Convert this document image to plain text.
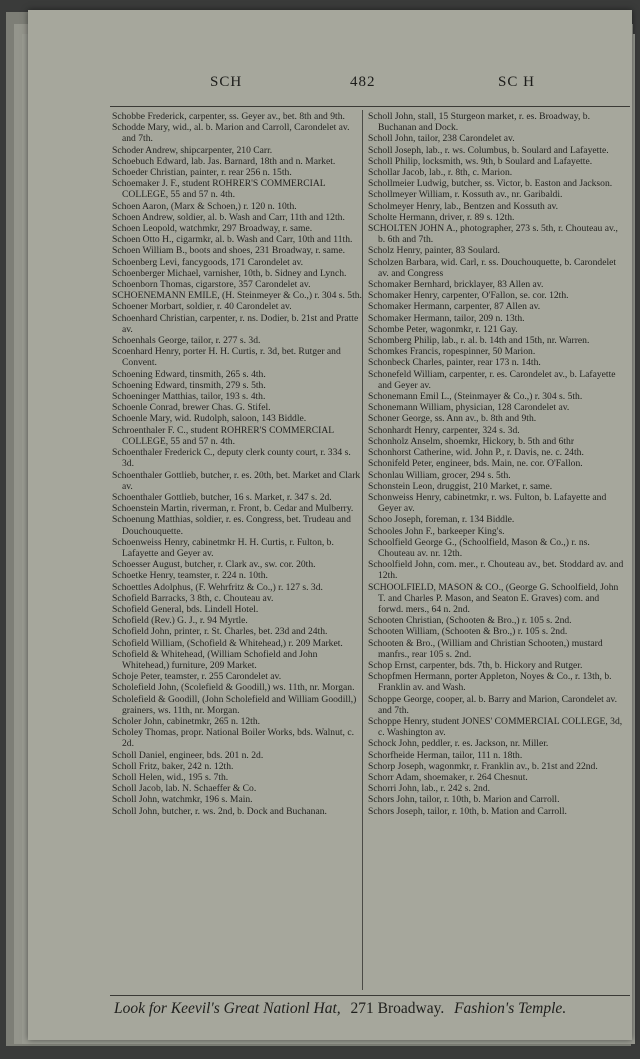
SCH	482	SC H

Schobbe Frederick, carpenter, ss. Geyer av., bet. 8th and 9th.

Schodde Mary, wid., al. b. Marion and Carroll, Carondelet av. and 7th.

Schoder Andrew, shipcarpenter, 210 Carr.

Schoebuch Edward, lab. Jas. Barnard, 18th and n. Market.

Schoeder Christian, painter, r. rear 256 n. 15th.

Schoemaker J. F., student ROHRER'S COMMERCIAL COLLEGE, 55 and 57 n. 4th.

Schoen Aaron, (Marx & Schoen,) r. 120 n. 10th.

Schoen Andrew, soldier, al. b. Wash and Carr, 11th and 12th.

Schoen Leopold, watchmkr, 297 Broadway, r. same.

Schoen Otto H., cigarmkr, al. b. Wash and Carr, 10th and 11th.

Schoen William B., boots and shoes, 231 Broadway, r. same.

Schoenberg Levi, fancygoods, 171 Carondelet av.

Schoenberger Michael, varnisher, 10th, b. Sidney and Lynch.

Schoenborn Thomas, cigarstore, 357 Carondelet av.

SCHOENEMANN EMILE, (H. Steinmeyer & Co.,) r. 304 s. 5th.

Schoener Morbart, soldier, r. 40 Carondelet av.

Schoenhard Christian, carpenter, r. ns. Dodier, b. 21st and Pratte av.

Schoenhals George, tailor, r. 277 s. 3d.

Scoenhard Henry, porter H. H. Curtis, r. 3d, bet. Rutger and Convent.

Schoening Edward, tinsmith, 265 s. 4th.

Schoening Edward, tinsmith, 279 s. 5th.

Schoeninger Matthias, tailor, 193 s. 4th.

Schoenle Conrad, brewer Chas. G. Stifel.

Schoenle Mary, wid. Rudolph, saloon, 143 Biddle.

Schroenthaler F. C., student ROHRER'S COMMERCIAL COLLEGE, 55 and 57 n. 4th.

Schoenthaler Frederick C., deputy clerk county court, r. 334 s. 3d.

Schoenthaler Gottlieb, butcher, r. es. 20th, bet. Market and Clark av.

Schoenthaler Gottlieb, butcher, 16 s. Market, r. 347 s. 2d.

Schoenstein Martin, riverman, r. Front, b. Cedar and Mulberry.

Schoenung Matthias, soldier, r. es. Congress, bet. Trudeau and Douchouquette.

Schoenweiss Henry, cabinetmkr H. H. Curtis, r. Fulton, b. Lafayette and Geyer av.

Schoesser August, butcher, r. Clark av., sw. cor. 20th.

Schoetke Henry, teamster, r. 224 n. 10th.

Schoettles Adolphus, (F. Wehrfritz & Co.,) r. 127 s. 3d.

Schofield Barracks, 3 8th, c. Chouteau av.

Schofield General, bds. Lindell Hotel.

Schofield (Rev.) G. J., r. 94 Myrtle.

Schofield John, printer, r. St. Charles, bet. 23d and 24th.

Schofield William, (Schofield & Whitehead,) r. 209 Market.

Schofield & Whitehead, (William Schofield and John Whitehead,) furniture, 209 Market.

Schoje Peter, teamster, r. 255 Carondelet av.

Scholefield John, (Scolefield & Goodill,) ws. 11th, nr. Morgan.

Scholefield & Goodill, (John Scholefield and William Goodill,) grainers, ws. 11th, nr. Morgan.

Scholer John, cabinetmkr, 265 n. 12th.

Scholey Thomas, propr. National Boiler Works, bds. Walnut, c. 2d.

Scholl Daniel, engineer, bds. 201 n. 2d.

Scholl Fritz, baker, 242 n. 12th.

Scholl Helen, wid., 195 s. 7th.

Scholl Jacob, lab. N. Schaeffer & Co.

Scholl John, watchmkr, 196 s. Main.

Scholl John, butcher, r. ws. 2nd, b. Dock and Buchanan.

Scholl John, stall, 15 Sturgeon market, r. es. Broadway, b. Buchanan and Dock.

Scholl John, tailor, 238 Carondelet av.

Scholl Joseph, lab., r. ws. Columbus, b. Soulard and Lafayette.

Scholl Philip, locksmith, ws. 9th, b Soulard and Lafayette.

Schollar Jacob, lab., r. 8th, c. Marion.

Schollmeier Ludwig, butcher, ss. Victor, b. Easton and Jackson.

Schollmeyer William, r. Kossuth av., nr. Garibaldi.

Scholmeyer Henry, lab., Bentzen and Kossuth av.

Scholte Hermann, driver, r. 89 s. 12th.

SCHOLTEN JOHN A., photographer, 273 s. 5th, r. Chouteau av., b. 6th and 7th.

Scholz Henry, painter, 83 Soulard.

Scholzen Barbara, wid. Carl, r. ss. Douchouquette, b. Carondelet av. and Congress

Schomaker Bernhard, bricklayer, 83 Allen av.

Schomaker Henry, carpenter, O'Fallon, se. cor. 12th.

Schomaker Hermann, carpenter, 87 Allen av.

Schomaker Hermann, tailor, 209 n. 13th.

Schombe Peter, wagonmkr, r. 121 Gay.

Schomberg Philip, lab., r. al. b. 14th and 15th, nr. Warren.

Schomkes Francis, ropespinner, 50 Marion.

Schonbeck Charles, painter, rear 173 n. 14th.

Schonefeld William, carpenter, r. es. Carondelet av., b. Lafayette and Geyer av.

Schonemann Emil L., (Steinmayer & Co.,) r. 304 s. 5th.

Schonemann William, physician, 128 Carondelet av.

Schoner George, ss. Ann av., b. 8th and 9th.

Schonhardt Henry, carpenter, 324 s. 3d.

Schonholz Anselm, shoemkr, Hickory, b. 5th and 6thr

Schonhorst Catherine, wid. John P., r. Davis, ne. c. 24th.

Schonifeld Peter, engineer, bds. Main, ne. cor. O'Fallon.

Schonlau William, grocer, 294 s. 5th.

Schonstein Leon, druggist, 210 Market, r. same.

Schonweiss Henry, cabinetmkr, r. ws. Fulton, b. Lafayette and Geyer av.

Schoo Joseph, foreman, r. 134 Biddle.

Schooles John F., barkeeper King's.

Schoolfield George G., (Schoolfield, Mason & Co.,) r. ns. Chouteau av. nr. 12th.

Schoolfield John, com. mer., r. Chouteau av., bet. Stoddard av. and 12th.

SCHOOLFIELD, MASON & CO., (George G. Schoolfield, John T. and Charles P. Mason, and Seaton E. Graves) com. and forwd. mers., 64 n. 2nd.

Schooten Christian, (Schooten & Bro.,) r. 105 s. 2nd.

Schooten William, (Schooten & Bro.,) r. 105 s. 2nd.

Schooten & Bro., (William and Christian Schooten,) mustard manfrs., rear 105 s. 2nd.

Schop Ernst, carpenter, bds. 7th, b. Hickory and Rutger.

Schopfmen Hermann, porter Appleton, Noyes & Co., r. 13th, b. Franklin av. and Wash.

Schoppe George, cooper, al. b. Barry and Marion, Carondelet av. and 7th.

Schoppe Henry, student JONES' COMMERCIAL COLLEGE, 3d, c. Washington av.

Schock John, peddler, r. es. Jackson, nr. Miller.

Schorfheide Herman, tailor, 111 n. 18th.

Schorp Joseph, wagonmkr, r. Franklin av., b. 21st and 22nd.

Schorr Adam, shoemaker, r. 264 Chesnut.

Schorri John, lab., r. 242 s. 2nd.

Schors John, tailor, r. 10th, b. Marion and Carroll.

Schors Joseph, tailor, r. 10th, b. Mation and Carroll.

Look for Keevil's Great Nationl Hat, 271 Broadway. Fashion's Temple.
